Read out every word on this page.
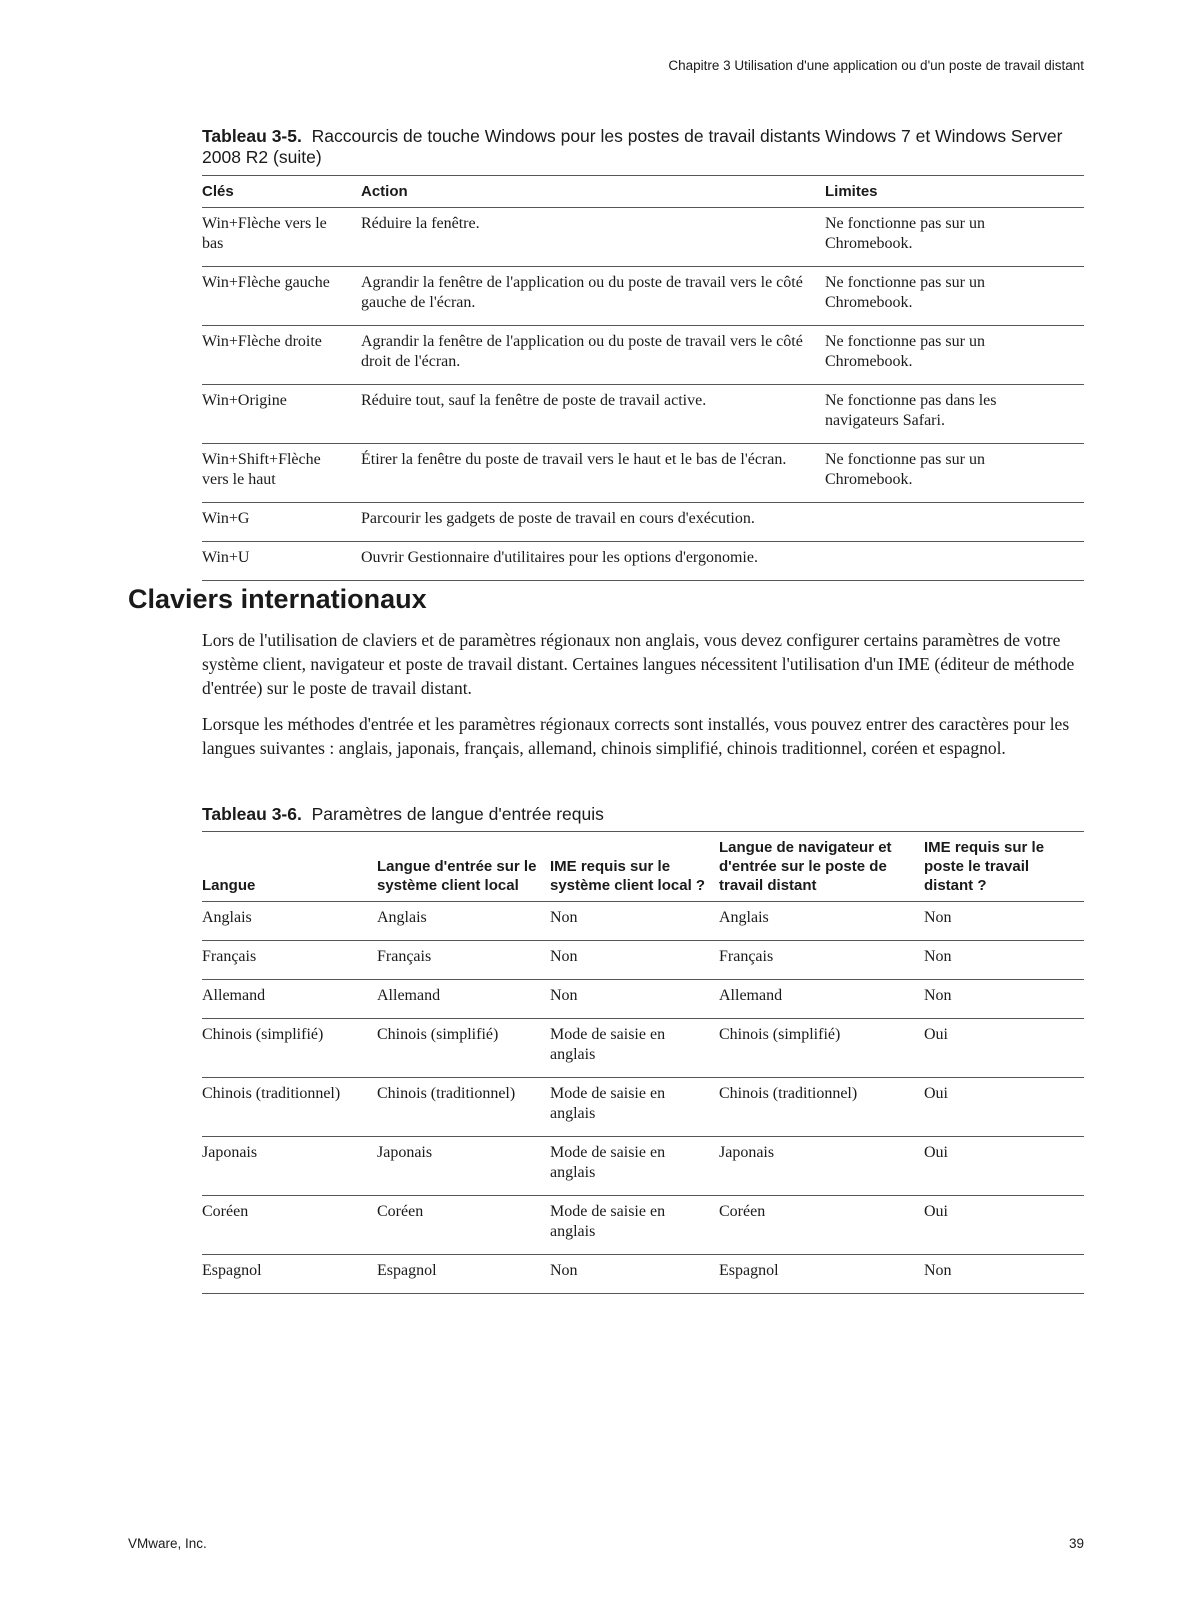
Chapitre 3 Utilisation d'une application ou d'un poste de travail distant
Tableau 3-5. Raccourcis de touche Windows pour les postes de travail distants Windows 7 et Windows Server 2008 R2 (suite)
Clés	Action	Limites
Win+Flèche vers le bas	Réduire la fenêtre.	Ne fonctionne pas sur un Chromebook.
Win+Flèche gauche	Agrandir la fenêtre de l'application ou du poste de travail vers le côté gauche de l'écran.	Ne fonctionne pas sur un Chromebook.
Win+Flèche droite	Agrandir la fenêtre de l'application ou du poste de travail vers le côté droit de l'écran.	Ne fonctionne pas sur un Chromebook.
Win+Origine	Réduire tout, sauf la fenêtre de poste de travail active.	Ne fonctionne pas dans les navigateurs Safari.
Win+Shift+Flèche vers le haut	Étirer la fenêtre du poste de travail vers le haut et le bas de l'écran.	Ne fonctionne pas sur un Chromebook.
Win+G	Parcourir les gadgets de poste de travail en cours d'exécution.	
Win+U	Ouvrir Gestionnaire d'utilitaires pour les options d'ergonomie.	
Claviers internationaux

Lors de l'utilisation de claviers et de paramètres régionaux non anglais, vous devez configurer certains paramètres de votre système client, navigateur et poste de travail distant. Certaines langues nécessitent l'utilisation d'un IME (éditeur de méthode d'entrée) sur le poste de travail distant.

Lorsque les méthodes d'entrée et les paramètres régionaux corrects sont installés, vous pouvez entrer des caractères pour les langues suivantes : anglais, japonais, français, allemand, chinois simplifié, chinois traditionnel, coréen et espagnol.

Tableau 3-6. Paramètres de langue d'entrée requis
Langue	Langue d'entrée sur le système client local	IME requis sur le système client local ?	Langue de navigateur et d'entrée sur le poste de travail distant	IME requis sur le poste le travail distant ?
Anglais	Anglais	Non	Anglais	Non
Français	Français	Non	Français	Non
Allemand	Allemand	Non	Allemand	Non
Chinois (simplifié)	Chinois (simplifié)	Mode de saisie en anglais	Chinois (simplifié)	Oui
Chinois (traditionnel)	Chinois (traditionnel)	Mode de saisie en anglais	Chinois (traditionnel)	Oui
Japonais	Japonais	Mode de saisie en anglais	Japonais	Oui
Coréen	Coréen	Mode de saisie en anglais	Coréen	Oui
Espagnol	Espagnol	Non	Espagnol	Non
VMware, Inc.	39
